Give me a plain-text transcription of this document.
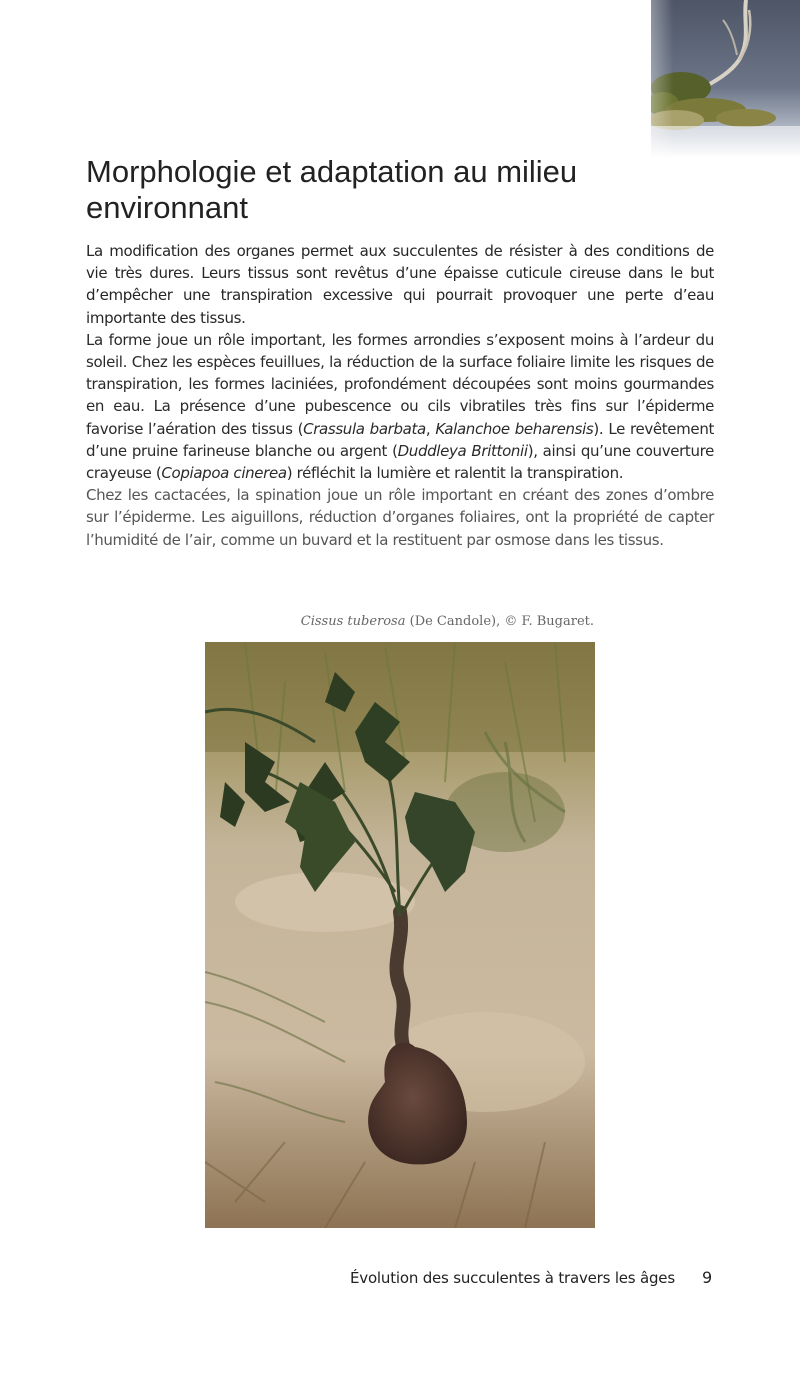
Morphologie et adaptation au milieu environnant

La modification des organes permet aux succulentes de résister à des conditions de vie très dures. Leurs tissus sont revêtus d’une épaisse cuticule cireuse dans le but d’empêcher une transpiration excessive qui pourrait provoquer une perte d’eau importante des tissus.

La forme joue un rôle important, les formes arrondies s’exposent moins à l’ardeur du soleil. Chez les espèces feuillues, la réduction de la surface foliaire limite les risques de transpiration, les formes laciniées, profondément découpées sont moins gourmandes en eau. La présence d’une pubescence ou cils vibratiles très fins sur l’épiderme favorise l’aération des tissus (Crassula barbata, Kalanchoe beharensis). Le revêtement d’une pruine farineuse blanche ou argent (Duddleya Brittonii), ainsi qu’une couverture crayeuse (Copiapoa cinerea) réfléchit la lumière et ralentit la transpiration.

Chez les cactacées, la spination joue un rôle important en créant des zones d’ombre sur l’épiderme. Les aiguillons, réduction d’organes foliaires, ont la propriété de capter l’humidité de l’air, comme un buvard et la restituent par osmose dans les tissus.

Cissus tuberosa (De Candole), © F. Bugaret.
Évolution des succulentes à travers les âges 9
